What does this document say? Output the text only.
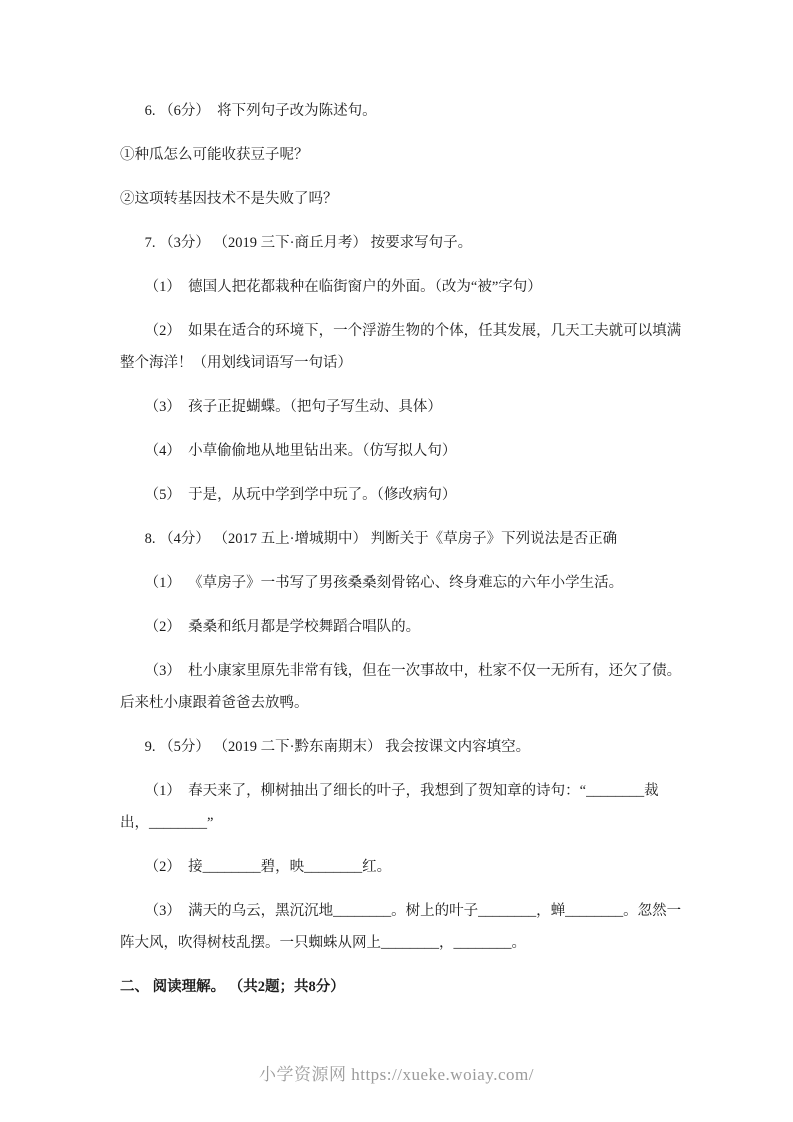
6. （6分）  将下列句子改为陈述句。

①种瓜怎么可能收获豆子呢？

②这项转基因技术不是失败了吗？

7. （3分） （2019 三下·商丘月考） 按要求写句子。

（1）  德国人把花都栽种在临街窗户的外面。（改为“被”字句）

（2）  如果在适合的环境下，一个浮游生物的个体，任其发展，几天工夫就可以填满整个海洋！（用划线词语写一句话）

（3）  孩子正捉蝴蝶。（把句子写生动、具体）

（4）  小草偷偷地从地里钻出来。（仿写拟人句）

（5）  于是，从玩中学到学中玩了。（修改病句）

8. （4分） （2017 五上·增城期中） 判断关于《草房子》下列说法是否正确

（1）  《草房子》一书写了男孩桑桑刻骨铭心、终身难忘的六年小学生活。

（2）  桑桑和纸月都是学校舞蹈合唱队的。

（3）  杜小康家里原先非常有钱，但在一次事故中，杜家不仅一无所有，还欠了债。后来杜小康跟着爸爸去放鸭。

9. （5分） （2019 二下·黔东南期末） 我会按课文内容填空。

（1）  春天来了，柳树抽出了细长的叶子，我想到了贺知章的诗句：“________裁出，________”

（2）  接________碧，映________红。

（3）  满天的乌云，黑沉沉地________。树上的叶子________，蝉________。忽然一阵大风，吹得树枝乱摆。一只蜘蛛从网上________，________。

二、 阅读理解。 （共2题；共8分）

小学资源网 https://xueke.woiay.com/
